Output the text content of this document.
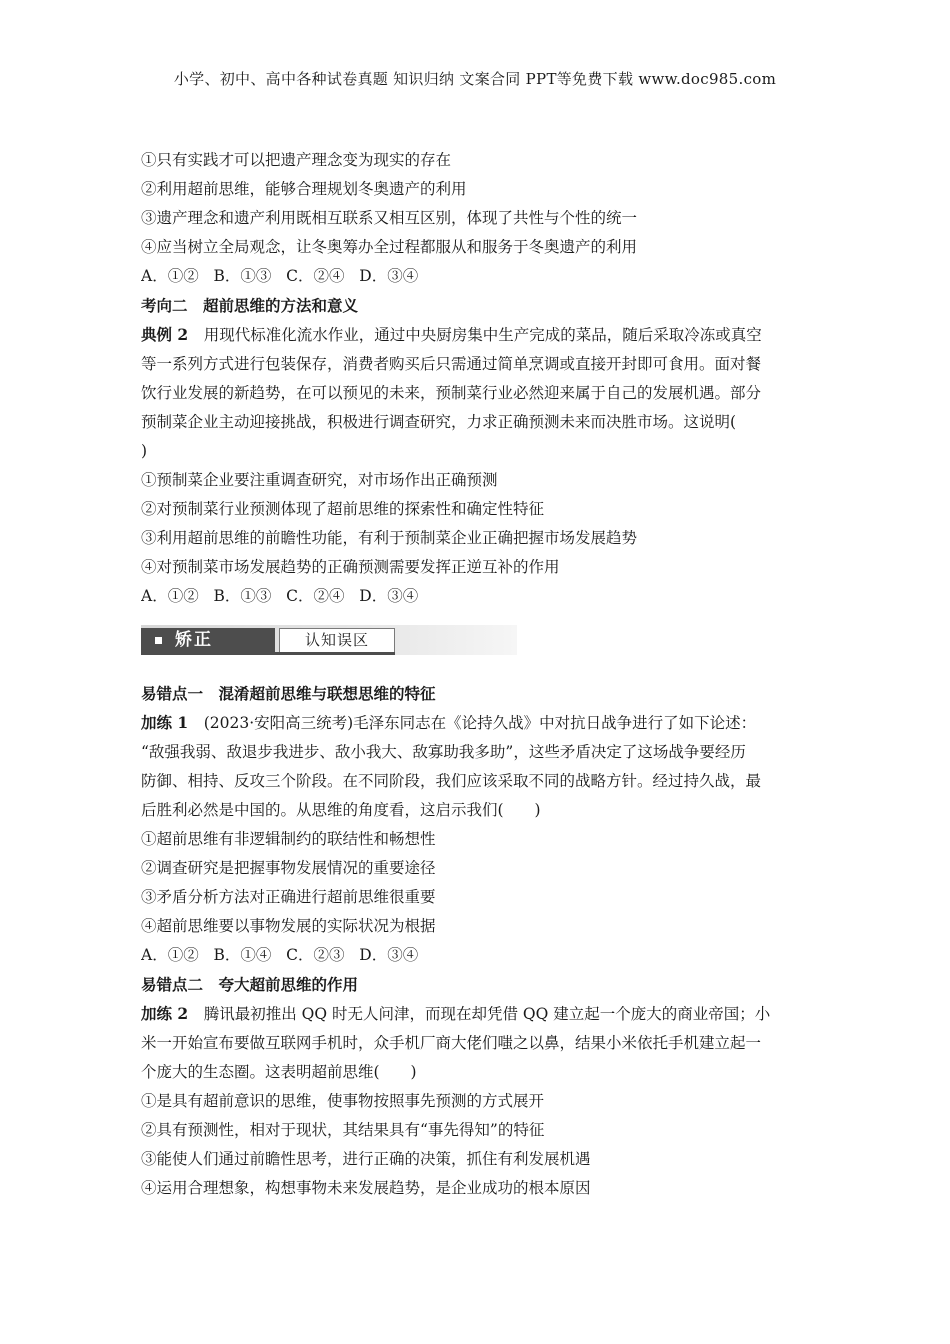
小学、初中、高中各种试卷真题 知识归纳 文案合同 PPT等免费下载 www.doc985.com
①只有实践才可以把遗产理念变为现实的存在
②利用超前思维，能够合理规划冬奥遗产的利用
③遗产理念和遗产利用既相互联系又相互区别，体现了共性与个性的统一
④应当树立全局观念，让冬奥筹办全过程都服从和服务于冬奥遗产的利用
A．①②   B．①③   C．②④   D．③④
考向二　超前思维的方法和意义
典例 2　 用现代标准化流水作业，通过中央厨房集中生产完成的菜品，随后采取冷冻或真空
等一系列方式进行包装保存，消费者购买后只需通过简单烹调或直接开封即可食用。面对餐
饮行业发展的新趋势，在可以预见的未来，预制菜行业必然迎来属于自己的发展机遇。部分
预制菜企业主动迎接挑战，积极进行调查研究，力求正确预测未来而决胜市场。这说明(
)
①预制菜企业要注重调查研究，对市场作出正确预测
②对预制菜行业预测体现了超前思维的探索性和确定性特征
③利用超前思维的前瞻性功能，有利于预制菜企业正确把握市场发展趋势
④对预制菜市场发展趋势的正确预测需要发挥正逆互补的作用
A．①②   B．①③   C．②④   D．③④
矫正	认知误区
易错点一　混淆超前思维与联想思维的特征
加练 1　 (2023·安阳高三统考)毛泽东同志在《论持久战》中对抗日战争进行了如下论述：
“敌强我弱、敌退步我进步、敌小我大、敌寡助我多助”，这些矛盾决定了这场战争要经历
防御、相持、反攻三个阶段。在不同阶段，我们应该采取不同的战略方针。经过持久战，最
后胜利必然是中国的。从思维的角度看，这启示我们(　　)
①超前思维有非逻辑制约的联结性和畅想性
②调查研究是把握事物发展情况的重要途径
③矛盾分析方法对正确进行超前思维很重要
④超前思维要以事物发展的实际状况为根据
A．①②   B．①④   C．②③   D．③④
易错点二　夸大超前思维的作用
加练 2　 腾讯最初推出 QQ 时无人问津，而现在却凭借 QQ 建立起一个庞大的商业帝国；小
米一开始宣布要做互联网手机时，众手机厂商大佬们嗤之以鼻，结果小米依托手机建立起一
个庞大的生态圈。这表明超前思维(　　)
①是具有超前意识的思维，使事物按照事先预测的方式展开
②具有预测性，相对于现状，其结果具有“事先得知”的特征
③能使人们通过前瞻性思考，进行正确的决策，抓住有利发展机遇
④运用合理想象，构想事物未来发展趋势，是企业成功的根本原因
